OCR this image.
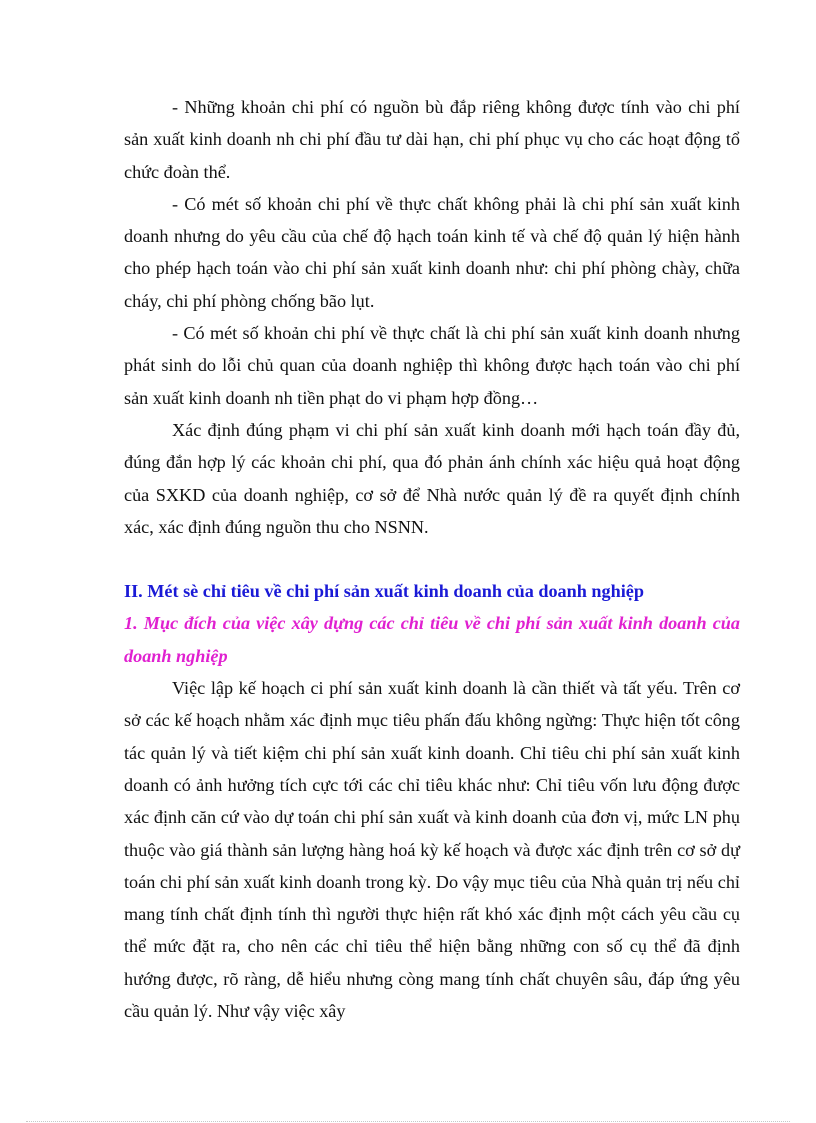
- Những khoản chi phí có nguồn bù đắp riêng không được tính vào chi phí sản xuất kinh doanh nh chi phí đầu tư dài hạn, chi phí phục vụ cho các hoạt động tổ chức đoàn thể.

- Có mét số khoản chi phí về thực chất không phải là chi phí sản xuất kinh doanh nhưng do yêu cầu của chế độ hạch toán kinh tế và chế độ quản lý hiện hành cho phép hạch toán vào chi phí sản xuất kinh doanh như: chi phí phòng chày, chữa cháy, chi phí phòng chống bão lụt.

- Có mét số khoản chi phí về thực chất là chi phí sản xuất kinh doanh nhưng phát sinh do lỗi chủ quan của doanh nghiệp thì không được hạch toán vào chi phí sản xuất kinh doanh nh tiền phạt do vi phạm hợp đồng…

Xác định đúng phạm vi chi phí sản xuất kinh doanh mới hạch toán đầy đủ, đúng đắn hợp lý các khoản chi phí, qua đó phản ánh chính xác hiệu quả hoạt động của SXKD của doanh nghiệp, cơ sở để Nhà nước quản lý đề ra quyết định chính xác, xác định đúng nguồn thu cho NSNN.

II. Mét sè chỉ tiêu về chi phí sản xuất kinh doanh của doanh nghiệp

1. Mục đích của việc xây dựng các chỉ tiêu về chi phí sản xuất kinh doanh của doanh nghiệp

Việc lập kế hoạch ci phí sản xuất kinh doanh là cần thiết và tất yếu. Trên cơ sở các kế hoạch nhằm xác định mục tiêu phấn đấu không ngừng: Thực hiện tốt công tác quản lý và tiết kiệm chi phí sản xuất kinh doanh. Chỉ tiêu chi phí sản xuất kinh doanh có ảnh hưởng tích cực tới các chỉ tiêu khác như: Chỉ tiêu vốn lưu động được xác định căn cứ vào dự toán chi phí sản xuất và kinh doanh của đơn vị, mức LN phụ thuộc vào giá thành sản lượng hàng hoá kỳ kế hoạch và được xác định trên cơ sở dự toán chi phí sản xuất kinh doanh trong kỳ. Do vậy mục tiêu của Nhà quản trị nếu chỉ mang tính chất định tính thì người thực hiện rất khó xác định một cách yêu cầu cụ thể mức đặt ra, cho nên các chỉ tiêu thể hiện bằng những con số cụ thể đã định hướng được, rõ ràng, dễ hiểu nhưng còng mang tính chất chuyên sâu, đáp ứng yêu cầu quản lý. Như vậy việc xây
